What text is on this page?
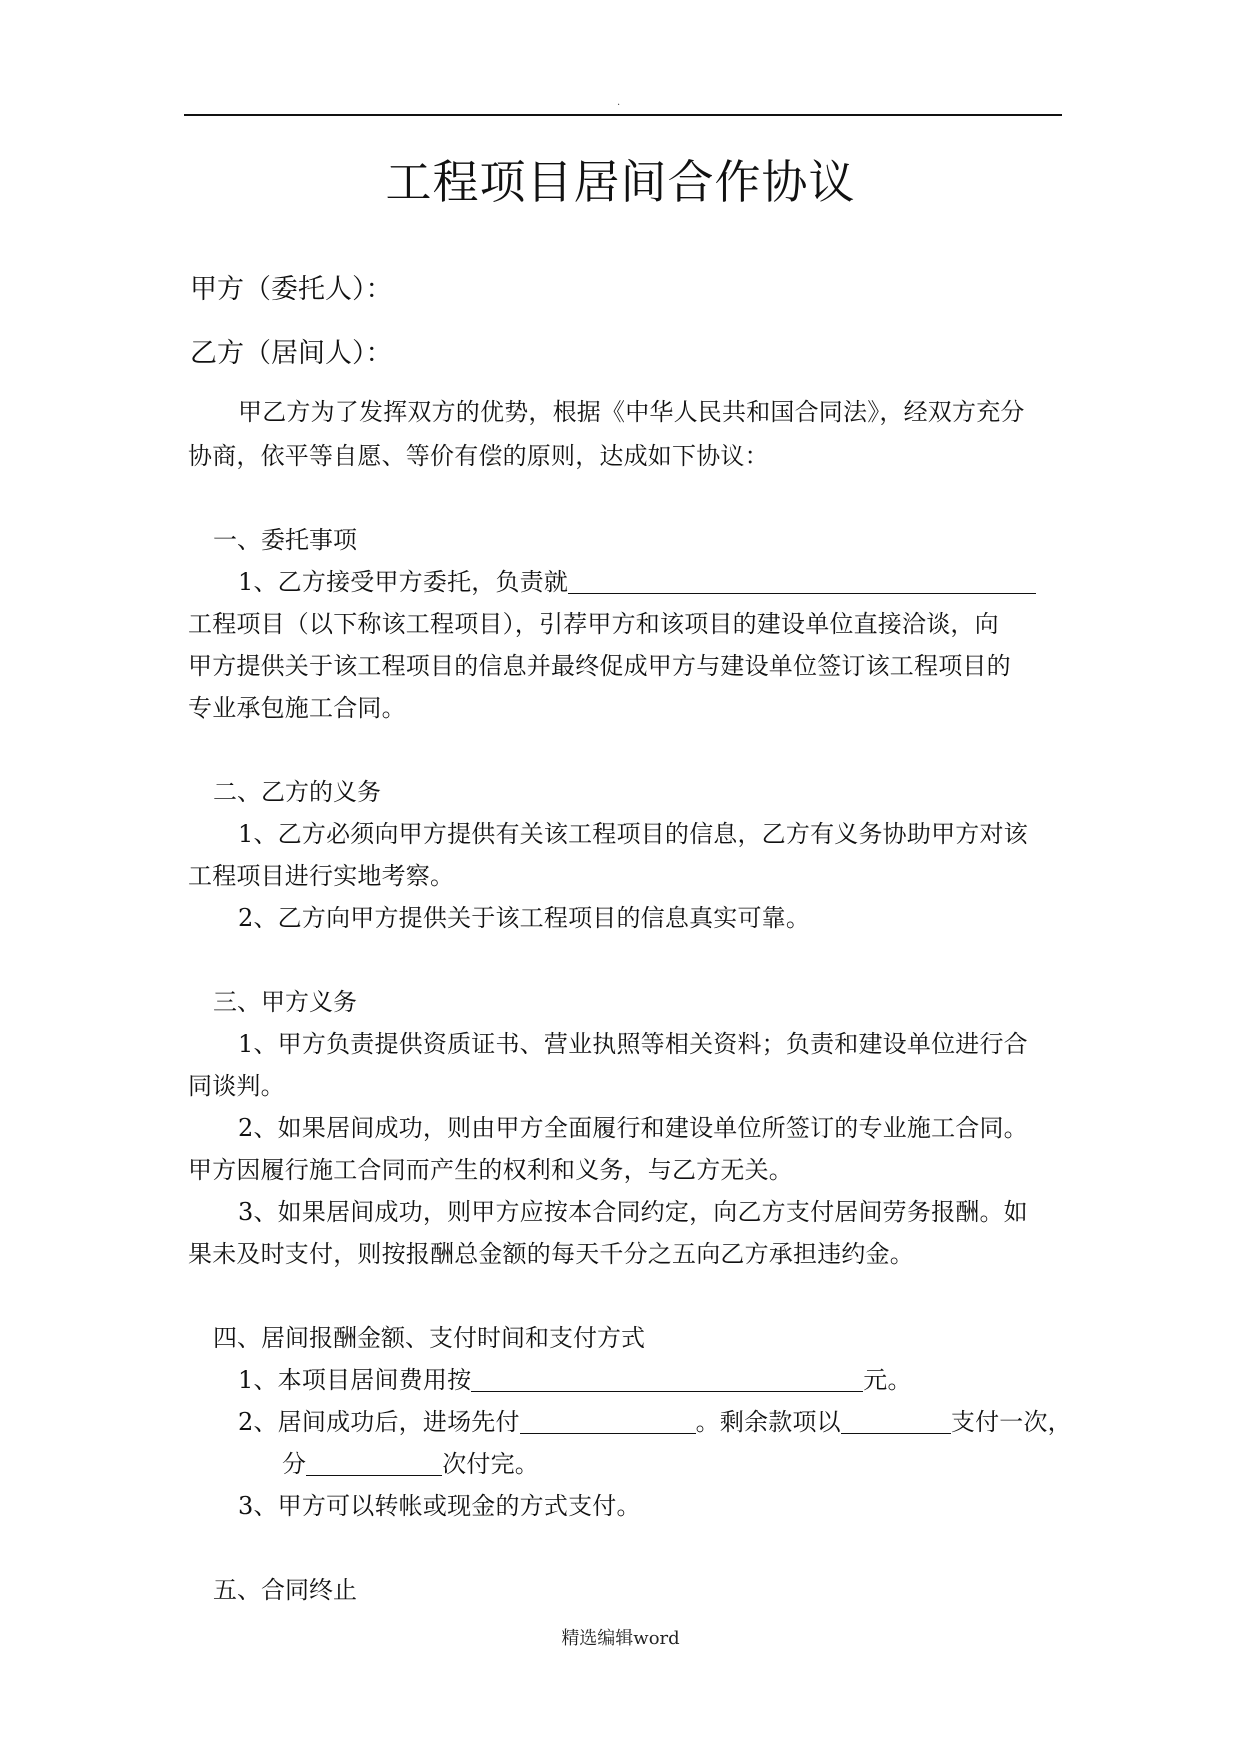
.
工程项目居间合作协议
甲方（委托人）：
乙方（居间人）：
甲乙方为了发挥双方的优势，根据《中华人民共和国合同法》，经双方充分
协商，依平等自愿、等价有偿的原则，达成如下协议：
一、委托事项
1、乙方接受甲方委托，负责就
工程项目（以下称该工程项目），引荐甲方和该项目的建设单位直接洽谈，向
甲方提供关于该工程项目的信息并最终促成甲方与建设单位签订该工程项目的
专业承包施工合同。
二、乙方的义务
1、乙方必须向甲方提供有关该工程项目的信息，乙方有义务协助甲方对该
工程项目进行实地考察。
2、乙方向甲方提供关于该工程项目的信息真实可靠。
三、甲方义务
1、甲方负责提供资质证书、营业执照等相关资料；负责和建设单位进行合
同谈判。
2、如果居间成功，则由甲方全面履行和建设单位所签订的专业施工合同。
甲方因履行施工合同而产生的权利和义务，与乙方无关。
3、如果居间成功，则甲方应按本合同约定，向乙方支付居间劳务报酬。如
果未及时支付，则按报酬总金额的每天千分之五向乙方承担违约金。
四、居间报酬金额、支付时间和支付方式
1、本项目居间费用按	元。
2、居间成功后，进场先付	。剩余款项以	支付一次，
分	次付完。
3、甲方可以转帐或现金的方式支付。
五、合同终止
精选编辑word
